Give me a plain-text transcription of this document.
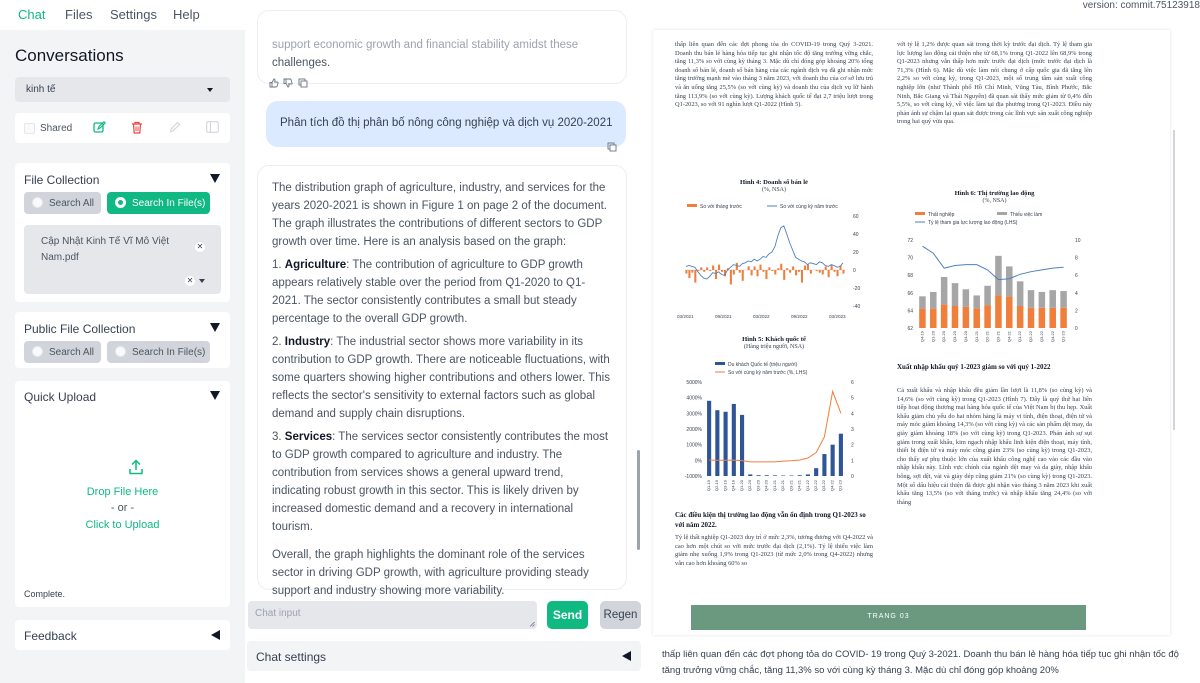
Chat Files Settings Help
version: commit.75123918
Conversations
kinh tế
Shared
File Collection
Search All	Search In File(s)
Cập Nhật Kinh Tế Vĩ Mô Việt Nam.pdf
✕
✕
Public File Collection
Search All	Search In File(s)
Quick Upload
Drop File Here
- or -
Click to Upload
Complete.
Feedback
support economic growth and financial stability amidst these
challenges.
Phân tích đồ thị phân bố nông công nghiệp và dịch vụ 2020-2021

The distribution graph of agriculture, industry, and services for the years 2020-2021 is shown in Figure 1 on page 2 of the document. The graph illustrates the contributions of different sectors to GDP growth over time. Here is an analysis based on the graph:

1. Agriculture: The contribution of agriculture to GDP growth appears relatively stable over the period from Q1-2020 to Q1-2021. The sector consistently contributes a small but steady percentage to the overall GDP growth.

2. Industry: The industrial sector shows more variability in its contribution to GDP growth. There are noticeable fluctuations, with some quarters showing higher contributions and others lower. This reflects the sector's sensitivity to external factors such as global demand and supply chain disruptions.

3. Services: The services sector consistently contributes the most to GDP growth compared to agriculture and industry. The contribution from services shows a general upward trend, indicating robust growth in this sector. This is likely driven by increased domestic demand and a recovery in international tourism.

Overall, the graph highlights the dominant role of the services sector in driving GDP growth, with agriculture providing steady support and industry showing more variability.

Chat input	Send	Regen
Chat settings
thấp liên quan đến các đợt phong tỏa do COVID-19 trong Quý 3-2021. Doanh thu bán lẻ hàng hóa tiếp tục ghi nhận tốc độ tăng trưởng vững chắc, tăng 11,3% so với cùng kỳ tháng 3. Mặc dù chỉ đóng góp khoảng 20% tổng doanh số bán lẻ, doanh số bán hàng của các ngành dịch vụ đã ghi nhận mức tăng trưởng mạnh mẽ vào tháng 3 năm 2023, với doanh thu của cơ sở lưu trú và ăn uống tăng 25,5% (so với cùng kỳ) và doanh thu của dịch vụ lữ hành tăng 113,9% (so với cùng kỳ). Lượng khách quốc tế đạt 2,7 triệu lượt trong Q1-2023, so với 91 nghìn lượt Q1-2022 (Hình 5).
với tỷ lệ 1,2% được quan sát trong thời kỳ trước đại dịch. Tỷ lệ tham gia lực lượng lao động cải thiện nhẹ từ 68,1% trong Q1-2022 lên 68,9% trong Q1-2023 nhưng vẫn thấp hơn mức trước đại dịch (mức trước đại dịch là 71,3% (Hình 6). Mặc dù việc làm nói chung ở cấp quốc gia đã tăng lên 2,2% so với cùng kỳ, trong Q1-2023, một số trung tâm sản xuất công nghiệp lớn (như Thành phố Hồ Chí Minh, Vũng Tàu, Bình Phước, Bắc Ninh, Bắc Giang và Thái Nguyên) đã quan sát thấy mức giảm từ 0,4% đến 5,5%, so với cùng kỳ, về việc làm tại địa phương trong Q1-2023. Điều này phản ánh sự chậm lại quan sát được trong các lĩnh vực sản xuất công nghiệp trong hai quý vừa qua.
Hình 4: Doanh số bán lẻ
(%, NSA)
So với tháng trước	So với cùng kỳ năm trước
60
40
20
0
-20
-40
03/2021	09/2021	03/2022	09/2022	03/2023
Hình 5: Khách quốc tế
(Hàng triệu người, NSA)
Du khách Quốc tế (triệu người)
So với cùng kỳ năm trước (%, LHS)
5000%
4000%
3000%
2000%
1000%
0%
-1000%
6
5
4
3
2
1
0
Q1-19 Q2-19 Q3-19 Q4-19 Q1-20 Q2-20 Q3-20 Q4-20 Q1-21 Q2-21 Q3-21 Q4-21 Q1-22 Q2-22 Q3-22 Q4-22 Q1-23
Hình 6: Thị trường lao động
(%, NSA)
Thất nghiệp	Thiếu việc làm
Tỷ lệ tham gia lực lượng lao động (LHS)
72
70
68
66
64
62
10
8
6
4
2
0
Q4-19 Q1-20 Q2-20 Q3-20 Q4-20 Q1-21 Q2-21 Q3-21 Q4-21 Q1-22 Q2-22 Q3-22 Q4-22 Q1-23
Các điều kiện thị trường lao động vẫn ổn định trong Q1-2023 so với năm 2022.
Tỷ lệ thất nghiệp Q1-2023 duy trì ở mức 2,3%, tương đương với Q4-2022 và cao hơn một chút so với mức trước đại dịch (2,1%). Tỷ lệ thiếu việc làm giảm nhẹ xuống 1,9% trong Q1-2023 (từ mức 2,0% trong Q4-2022) nhưng vẫn cao hơn khoảng 60% so
Xuất nhập khẩu quý 1-2023 giảm so với quý 1-2022
Cả xuất khẩu và nhập khẩu đều giảm lần lượt là 11,8% (so cùng kỳ) và 14,6% (so với cùng kỳ) trong Q1-2023 (Hình 7). Đây là quý thứ hai liên tiếp hoạt động thương mại hàng hóa quốc tế của Việt Nam bị thu hẹp. Xuất khẩu giảm chủ yếu do hai nhóm hàng là máy vi tính, điện thoại, điện tử và máy móc giảm khoảng 14,3% (so với cùng kỳ) và các sản phẩm dệt may, da giày giảm khoảng 18% (so với cùng kỳ) trong Q1-2023. Phản ánh sự sụt giảm trong xuất khẩu, kim ngạch nhập khẩu linh kiện điện thoại, máy tính, thiết bị điện tử và máy móc cũng giảm 23% (so cùng kỳ) trong Q1-2023, cho thấy sự phụ thuộc lớn của xuất khẩu công nghệ cao vào các đầu vào nhập khẩu này. Lĩnh vực chính của ngành dệt may và da giày, nhập khẩu bông, sợi dệt, vải và giày dép cũng giảm 21% (so cùng kỳ) trong Q1-2023. Một số dấu hiệu cải thiện đã được ghi nhận vào tháng 3 năm 2023 khi xuất khẩu tăng 13,5% (so với tháng trước) và nhập khẩu tăng 24,4% (so với tháng
TRANG 03
thấp liên quan đến các đợt phong tỏa do COVID- 19 trong Quý 3-2021. Doanh thu bán lẻ hàng hóa tiếp tục ghi nhận tốc độ tăng trưởng vững chắc, tăng 11,3% so với cùng kỳ tháng 3. Mặc dù chỉ đóng góp khoảng 20%
